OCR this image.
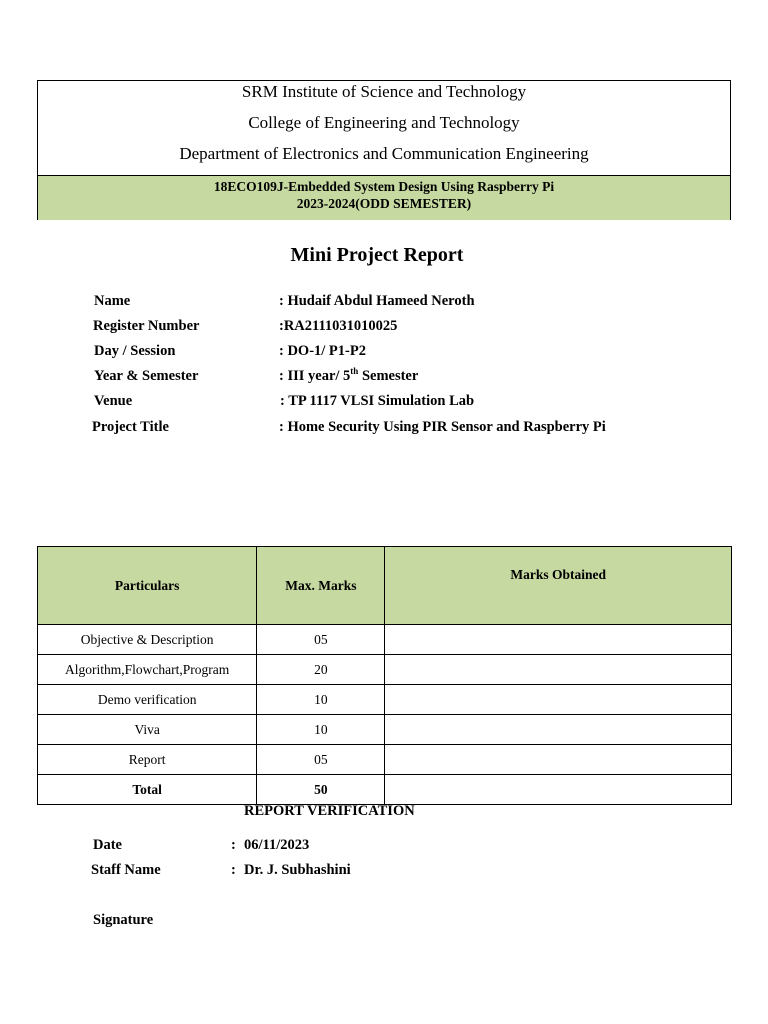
SRM Institute of Science and Technology
College of Engineering and Technology
Department of Electronics and Communication Engineering
18ECO109J-Embedded System Design Using Raspberry Pi
2023-2024(ODD SEMESTER)
Mini Project Report
Name	: Hudaif Abdul Hameed Neroth
Register Number	:RA2111031010025
Day / Session	: DO-1/ P1-P2
Year & Semester	: III year/ 5th Semester
Venue	: TP 1117 VLSI Simulation Lab
Project Title	: Home Security Using PIR Sensor and Raspberry Pi
Particulars	Max. Marks	Marks Obtained
Objective & Description	05	
Algorithm,Flowchart,Program	20	
Demo verification	10	
Viva	10	
Report	05	
Total	50	
REPORT VERIFICATION
Date	: 06/11/2023
Staff Name	: Dr. J. Subhashini
Signature
